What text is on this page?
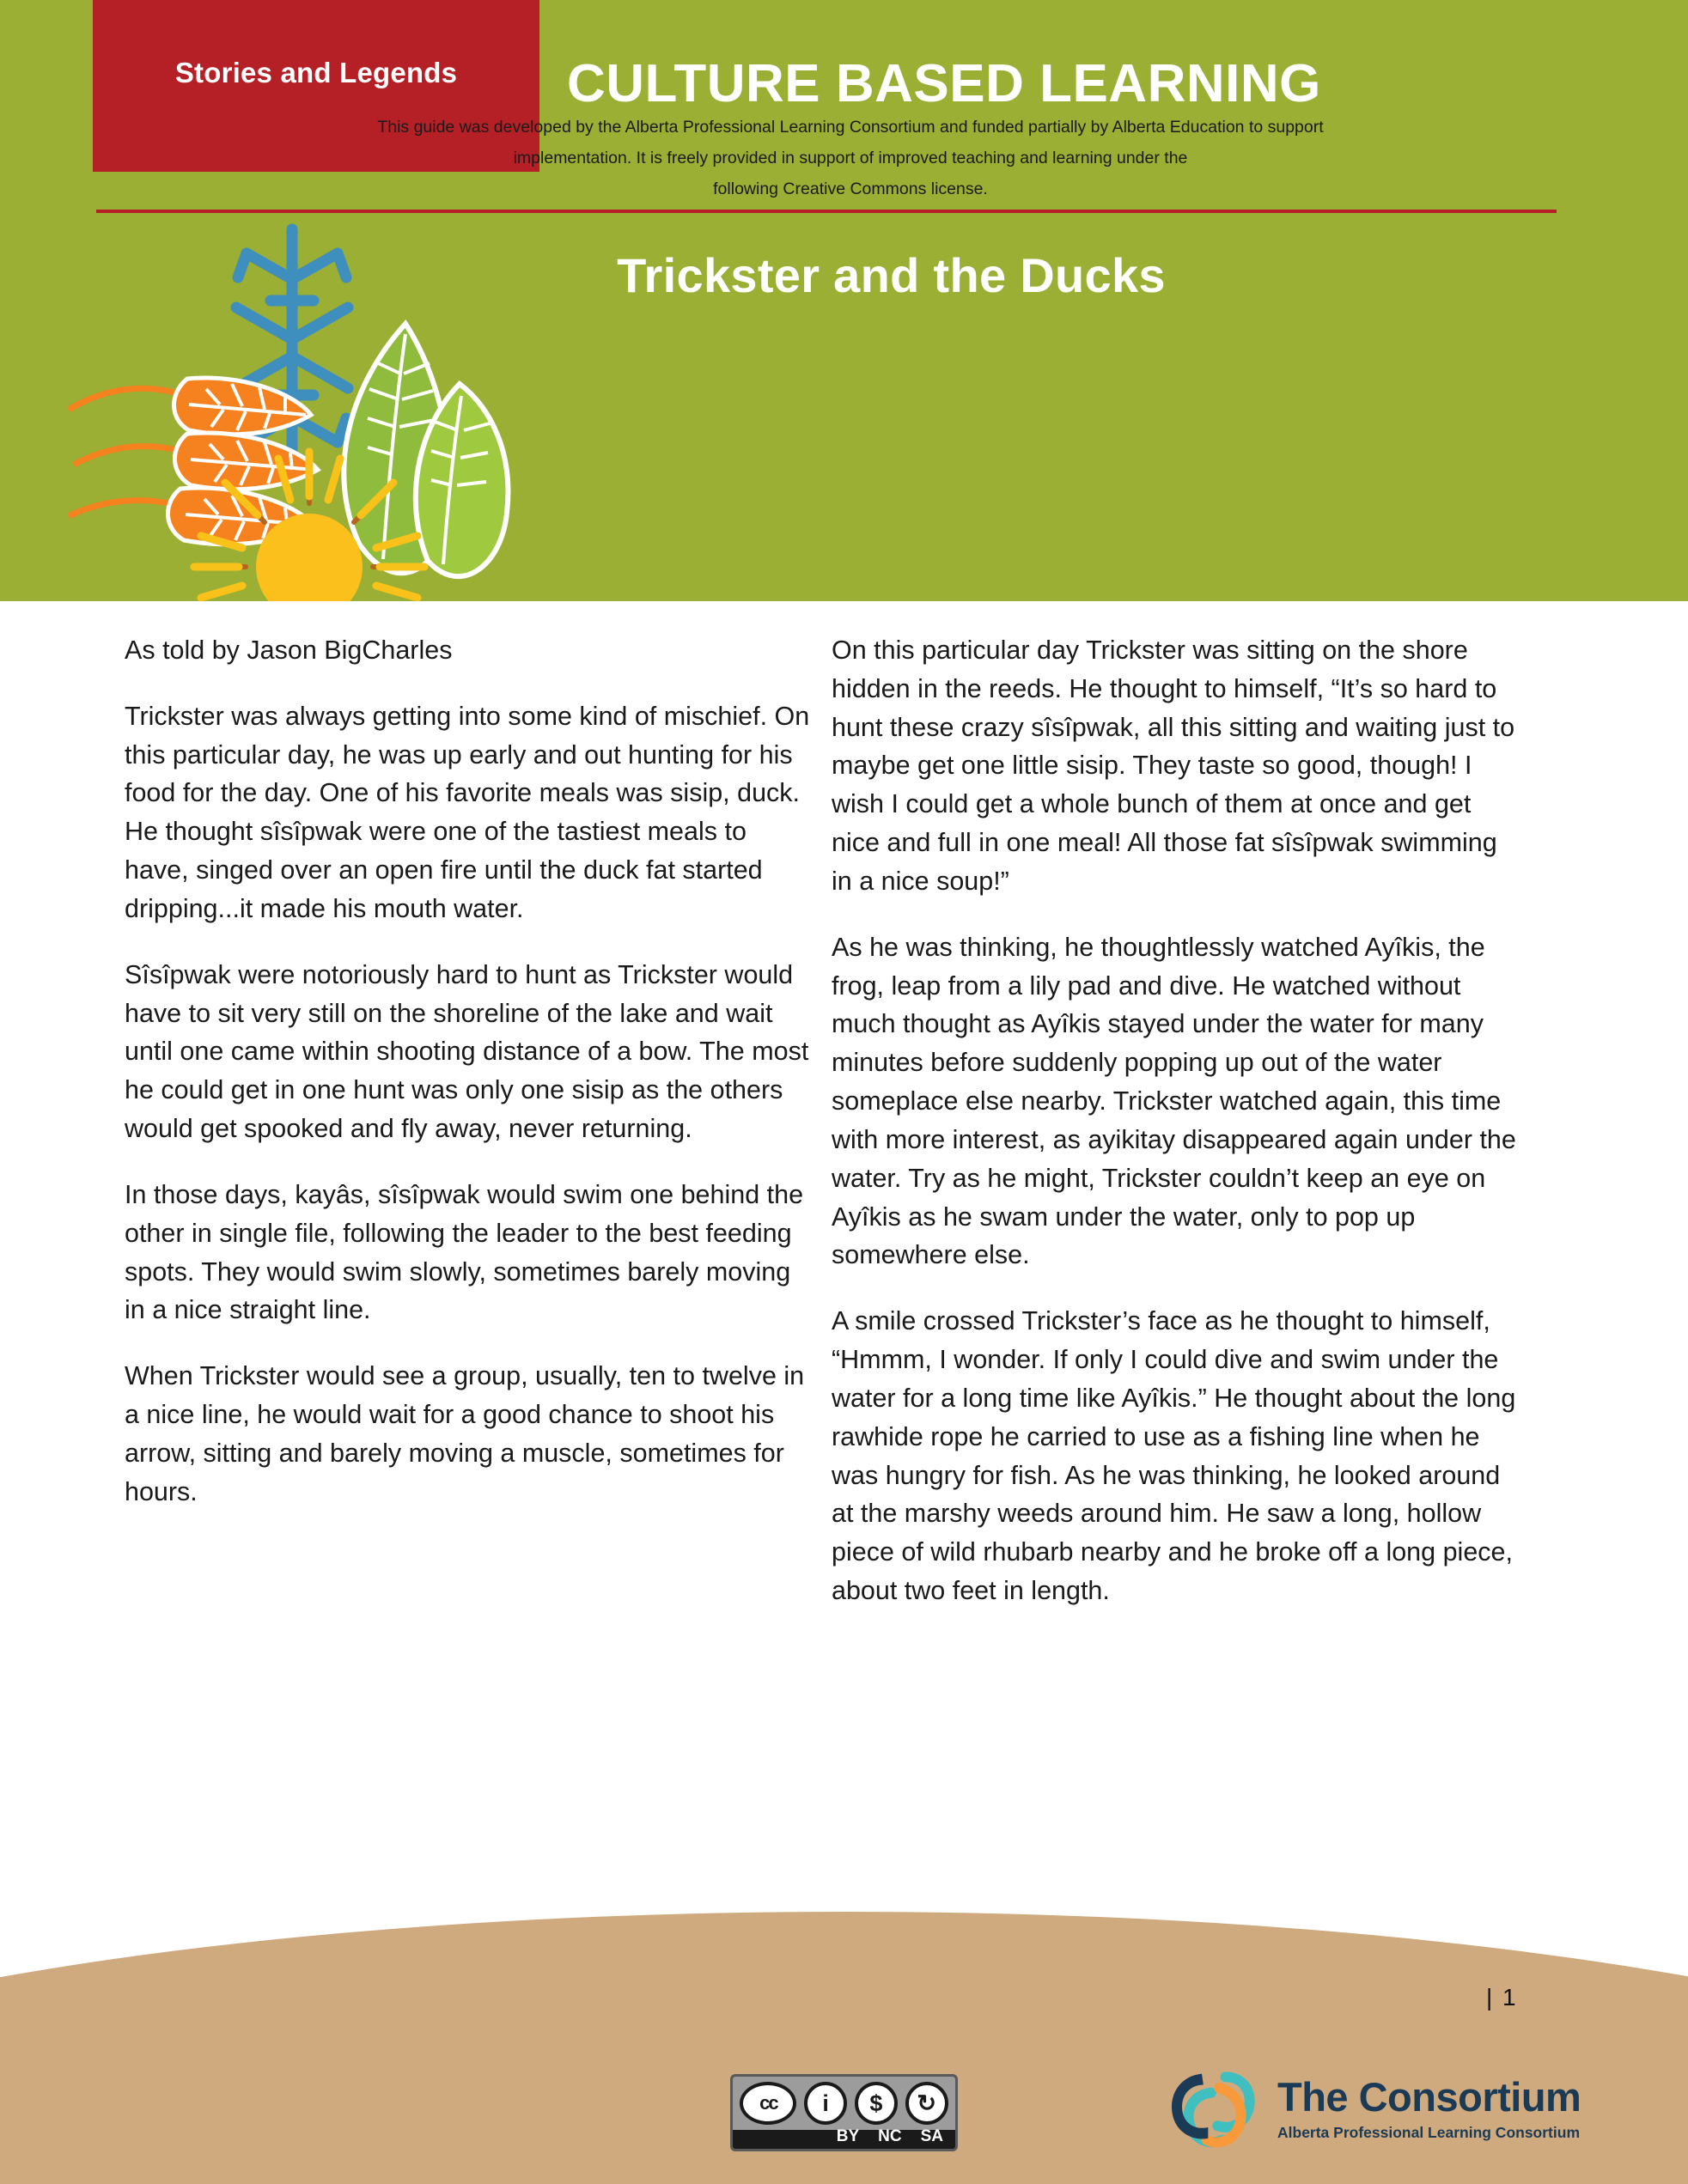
Stories and Legends	CULTURE BASED LEARNING
Trickster and the Ducks

As told by Jason BigCharles

Trickster was always getting into some kind of mischief. On this particular day, he was up early and out hunting for his food for the day. One of his favorite meals was sisip, duck. He thought sîsîpwak were one of the tastiest meals to have, singed over an open fire until the duck fat started dripping...it made his mouth water.

Sîsîpwak were notoriously hard to hunt as Trickster would have to sit very still on the shoreline of the lake and wait until one came within shooting distance of a bow. The most he could get in one hunt was only one sisip as the others would get spooked and fly away, never returning.

In those days, kayâs, sîsîpwak would swim one behind the other in single file, following the leader to the best feeding spots. They would swim slowly, sometimes barely moving in a nice straight line.

When Trickster would see a group, usually, ten to twelve in a nice line, he would wait for a good chance to shoot his arrow, sitting and barely moving a muscle, sometimes for hours.

On this particular day Trickster was sitting on the shore hidden in the reeds. He thought to himself, “It’s so hard to hunt these crazy sîsîpwak, all this sitting and waiting just to maybe get one little sisip. They taste so good, though! I wish I could get a whole bunch of them at once and get nice and full in one meal! All those fat sîsîpwak swimming in a nice soup!”

As he was thinking, he thoughtlessly watched Ayîkis, the frog, leap from a lily pad and dive. He watched without much thought as Ayîkis stayed under the water for many minutes before suddenly popping up out of the water someplace else nearby. Trickster watched again, this time with more interest, as ayikitay disappeared again under the water. Try as he might, Trickster couldn’t keep an eye on Ayîkis as he swam under the water, only to pop up somewhere else.

A smile crossed Trickster’s face as he thought to himself, “Hmmm, I wonder. If only I could dive and swim under the water for a long time like Ayîkis.” He thought about the long rawhide rope he carried to use as a fishing line when he was hungry for fish. As he was thinking, he looked around at the marshy weeds around him. He saw a long, hollow piece of wild rhubarb nearby and he broke off a long piece, about two feet in length.

This guide was developed by the Alberta Professional Learning Consortium and funded partially by Alberta Education to support
implementation. It is freely provided in support of improved teaching and learning under the
following Creative Commons license.
| 1
cc	i	$	↻
BY NC SA
The Consortium
Alberta Professional Learning Consortium
